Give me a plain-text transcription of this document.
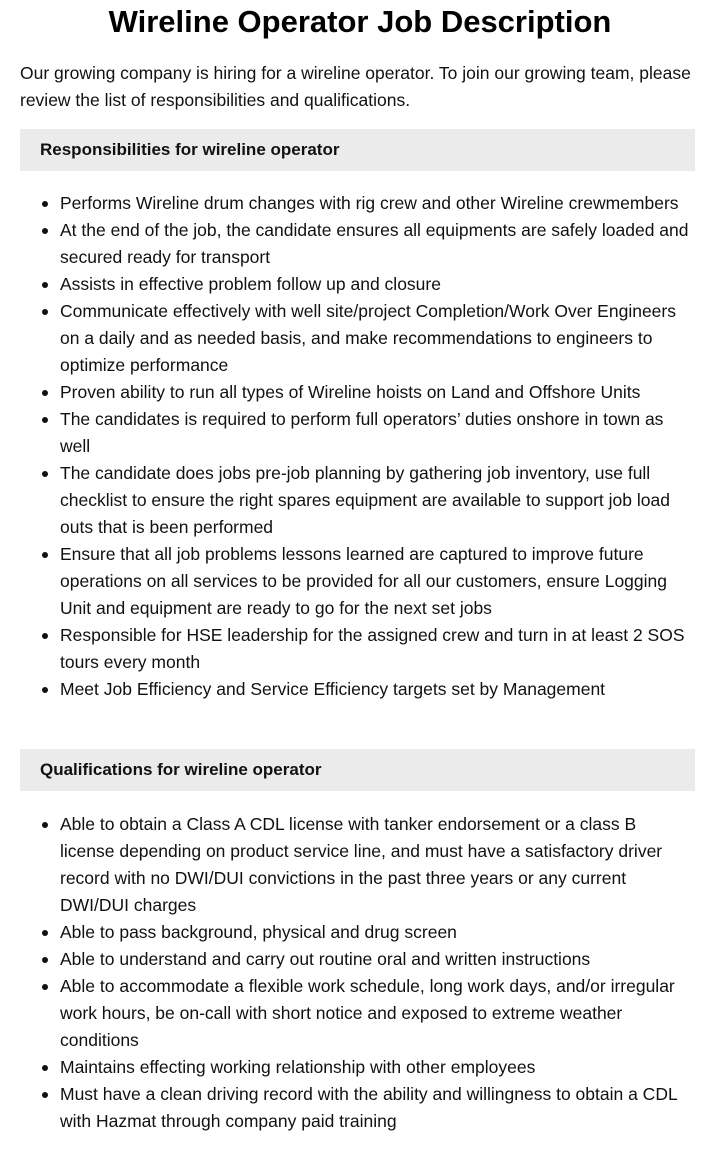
Wireline Operator Job Description

Our growing company is hiring for a wireline operator. To join our growing team, please review the list of responsibilities and qualifications.

Responsibilities for wireline operator
Performs Wireline drum changes with rig crew and other Wireline crewmembers
At the end of the job, the candidate ensures all equipments are safely loaded and secured ready for transport
Assists in effective problem follow up and closure
Communicate effectively with well site/project Completion/Work Over Engineers on a daily and as needed basis, and make recommendations to engineers to optimize performance
Proven ability to run all types of Wireline hoists on Land and Offshore Units
The candidates is required to perform full operators’ duties onshore in town as well
The candidate does jobs pre-job planning by gathering job inventory, use full checklist to ensure the right spares equipment are available to support job load outs that is been performed
Ensure that all job problems lessons learned are captured to improve future operations on all services to be provided for all our customers, ensure Logging Unit and equipment are ready to go for the next set jobs
Responsible for HSE leadership for the assigned crew and turn in at least 2 SOS tours every month
Meet Job Efficiency and Service Efficiency targets set by Management
Qualifications for wireline operator
Able to obtain a Class A CDL license with tanker endorsement or a class B license depending on product service line, and must have a satisfactory driver record with no DWI/DUI convictions in the past three years or any current DWI/DUI charges
Able to pass background, physical and drug screen
Able to understand and carry out routine oral and written instructions
Able to accommodate a flexible work schedule, long work days, and/or irregular work hours, be on-call with short notice and exposed to extreme weather conditions
Maintains effecting working relationship with other employees
Must have a clean driving record with the ability and willingness to obtain a CDL with Hazmat through company paid training
